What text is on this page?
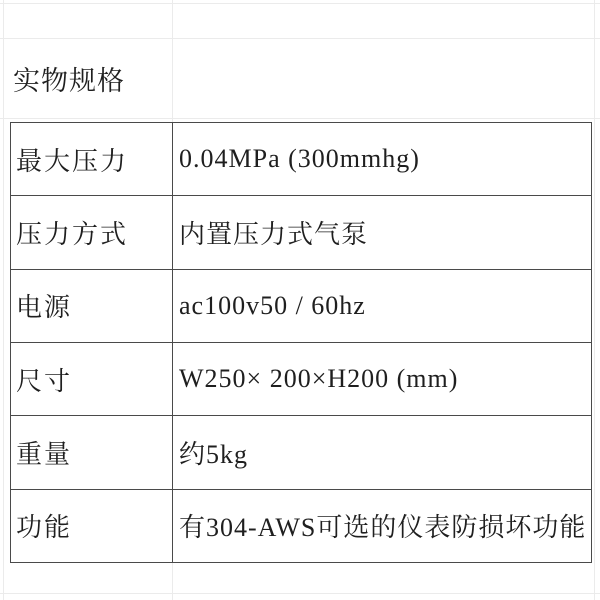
实物规格
最大压力	0.04MPa (300mmhg)
压力方式	内置压力式气泵
电源	ac100v50 / 60hz
尺寸	W250× 200×H200 (mm)
重量	约5kg
功能	有304-AWS可选的仪表防损坏功能
